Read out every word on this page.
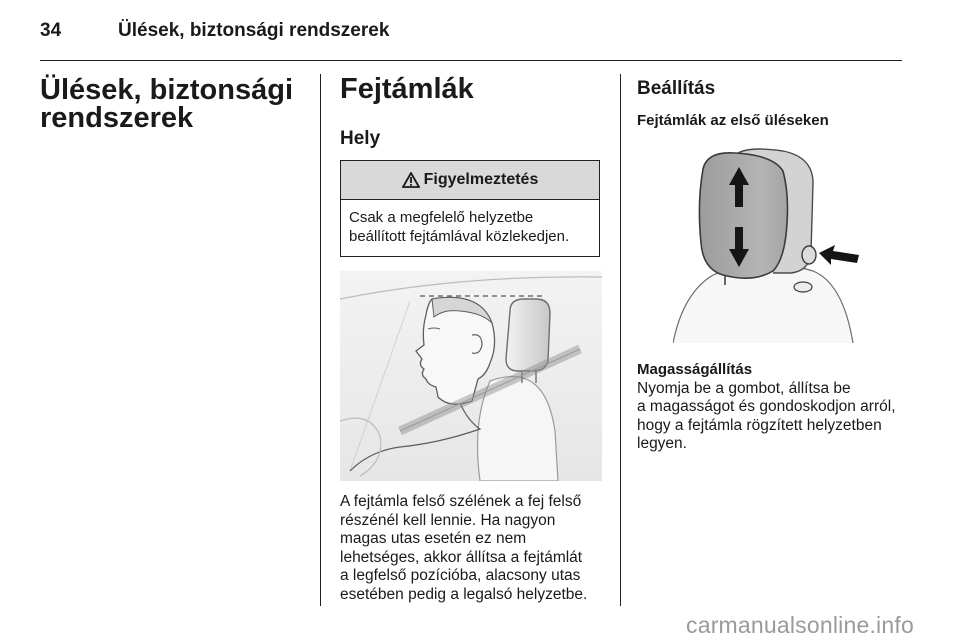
34	Ülések, biztonsági rendszerek
Ülések, biztonsági
rendszerek
Fejtámlák
Hely
Figyelmeztetés
Csak a megfelelő helyzetbe
beállított fejtámlával közlekedjen.

A fejtámla felső szélének a fej felső

részénél kell lennie. Ha nagyon

magas utas esetén ez nem

lehetséges, akkor állítsa a fejtámlát

a legfelső pozícióba, alacsony utas

esetében pedig a legalsó helyzetbe.

Beállítás
Fejtámlák az első üléseken
Magasságállítás

Nyomja be a gombot, állítsa be

a magasságot és gondoskodjon arról,

hogy a fejtámla rögzített helyzetben

legyen.

carmanualsonline.info
